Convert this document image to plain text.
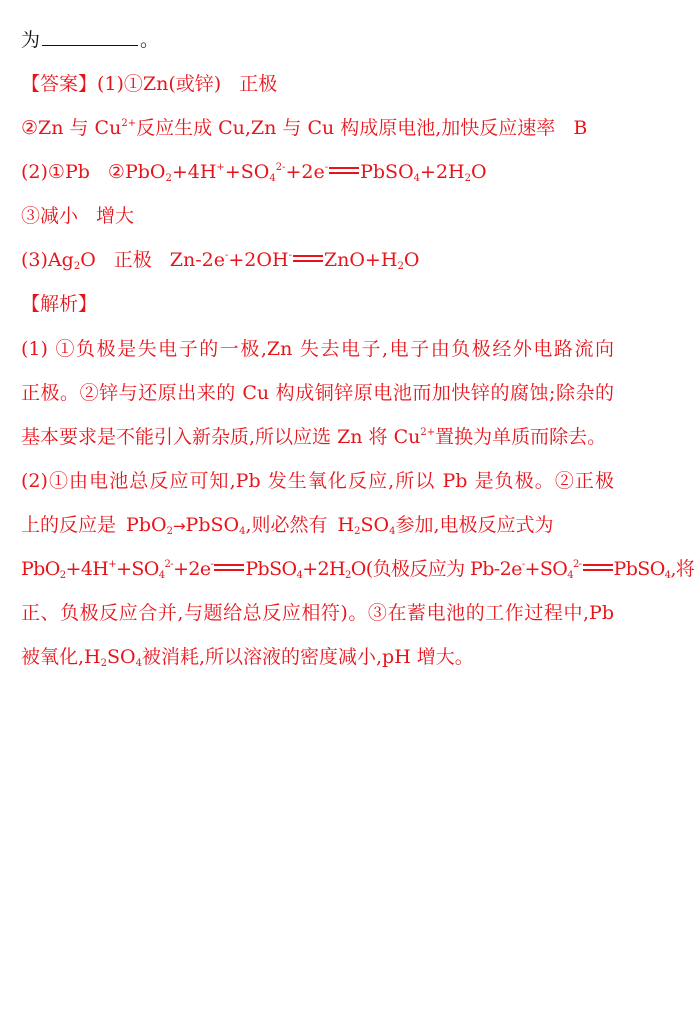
为	。
【答案】(1)①Zn(或锌) 正极
②Zn 与 $Cu^{2+}$反应生成 Cu,Zn 与 Cu 构成原电池,加快反应速率 B
(2)①Pb $②PbO_2+4H^++SO_4^{2-}+2e^-$ $PbSO_4+2H_2O$
③减小 增大
$(3)Ag_2O$ 正极 Zn-2e-+2OH- $ZnO+H_2O$
【解析】
(1) ①负极是失电子的一极,Zn 失去电子,电子由负极经外电路流向
正极。②锌与还原出来的 Cu 构成铜锌原电池而加快锌的腐蚀;除杂的
基本要求是不能引入新杂质,所以应选 Zn 将 $Cu^{2+}$置换为单质而除去。
(2)①由电池总反应可知,Pb 发生氧化反应,所以 Pb 是负极。②正极
上的反应是 PbO$_2$→PbSO$_4$,则必然有 $H_2SO_4$参加,电极反应式为
$PbO_2+4H^++SO_4^{2-}+2e^-$ $PbSO_4+2H_2O$(负极反应为 $Pb-2e^-+SO_4^{2-}$ PbSO$_4$,将
正、负极反应合并,与题给总反应相符)。③在蓄电池的工作过程中,Pb
被氧化$,H_2SO_4$被消耗,所以溶液的密度减小,pH 增大。
